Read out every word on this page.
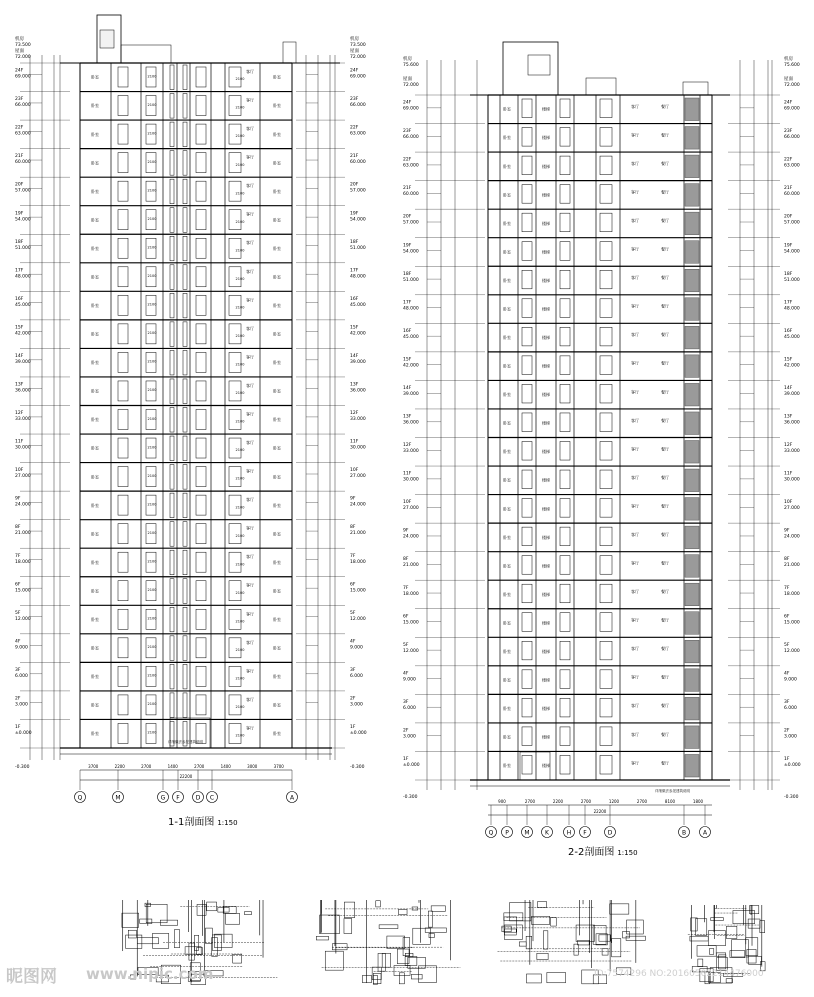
机房	机房
73.500	73.500
屋面	屋面
72.000	72.000
24F	24F
69.000	69.000
23F	23F
66.000	66.000
22F	22F
63.000	63.000
21F	21F
60.000	60.000
20F	20F
57.000	57.000
19F	19F
54.000	54.000
18F	18F
51.000	51.000
17F	17F
48.000	48.000
16F	16F
45.000	45.000
15F	15F
42.000	42.000
14F	14F
39.000	39.000
13F	13F
36.000	36.000
12F	12F
33.000	33.000
11F	11F
30.000	30.000
10F	10F
27.000	27.000
9F	9F
24.000	24.000
8F	8F
21.000	21.000
7F	7F
18.000	18.000
6F	6F
15.000	15.000
5F	5F
12.000	12.000
4F	4F
9.000	9.000
3F	3F
6.000	6.000
2F	2F
3.000	3.000
1F	1F
±0.000	±0.000
-0.300	-0.300
卧室
客厅
卧室
2100
2100
卧室
客厅
卧室
2100
2100
卧室
客厅
卧室
2100
2100
卧室
客厅
卧室
2100
2100
卧室
客厅
卧室
2100
2100
卧室
客厅
卧室
2100
2100
卧室
客厅
卧室
2100
2100
卧室
客厅
卧室
2100
2100
卧室
客厅
卧室
2100
2100
卧室
客厅
卧室
2100
2100
卧室
客厅
卧室
2100
2100
卧室
客厅
卧室
2100
2100
卧室
客厅
卧室
2100
2100
卧室
客厅
卧室
2100
2100
卧室
客厅
卧室
2100
2100
卧室
客厅
卧室
2100
2100
卧室
客厅
卧室
2100
2100
卧室
客厅
卧室
2100
2100
卧室
客厅
卧室
2100
2100
卧室
客厅
卧室
2100
2100
卧室
客厅
卧室
2100
2100
卧室
客厅
卧室
2100
2100
卧室
客厅
卧室
2100
2100
卧室
客厅
卧室
2100
2100
详细做法参见建筑说明
3700	2200	2700	1400	2700	1400	3000	3700
22200
Q	M	G F	D C	A
机房	机房
75.600	75.600
屋面	屋面
72.000	72.000
24F	24F
69.000	69.000
23F	23F
66.000	66.000
22F	22F
63.000	63.000
21F	21F
60.000	60.000
20F	20F
57.000	57.000
19F	19F
54.000	54.000
18F	18F
51.000	51.000
17F	17F
48.000	48.000
16F	16F
45.000	45.000
15F	15F
42.000	42.000
14F	14F
39.000	39.000
13F	13F
36.000	36.000
12F	12F
33.000	33.000
11F	11F
30.000	30.000
10F	10F
27.000	27.000
9F	9F
24.000	24.000
8F	8F
21.000	21.000
7F	7F
18.000	18.000
6F	6F
15.000	15.000
5F	5F
12.000	12.000
4F	4F
9.000	9.000
3F	3F
6.000	6.000
2F	2F
3.000	3.000
1F	1F
±0.000	±0.000
-0.300	-0.300
卧室	楼梯
客厅	餐厅
卧室	楼梯
客厅	餐厅
卧室	楼梯
客厅	餐厅
卧室	楼梯
客厅	餐厅
卧室	楼梯
客厅	餐厅
卧室	楼梯
客厅	餐厅
卧室	楼梯
客厅	餐厅
卧室	楼梯
客厅	餐厅
卧室	楼梯
客厅	餐厅
卧室	楼梯
客厅	餐厅
卧室	楼梯
客厅	餐厅
卧室	楼梯
客厅	餐厅
卧室	楼梯
客厅	餐厅
卧室	楼梯
客厅	餐厅
卧室	楼梯
客厅	餐厅
卧室	楼梯
客厅	餐厅
卧室	楼梯
客厅	餐厅
卧室	楼梯
客厅	餐厅
卧室	楼梯
客厅	餐厅
卧室	楼梯
客厅	餐厅
卧室	楼梯
客厅	餐厅
卧室	楼梯
客厅	餐厅
卧室	楼梯
客厅	餐厅
卧室	楼梯
客厅	餐厅
详细做法参见建筑说明
900	2700	2200	2700	1200	2700	8100	1800
22200
Q P	M	K	H F	D	B	A
1-1剖面图 1:150
2-2剖面图 1:150
昵图网 www.nipic.com	ID:7574296 NO:20160502214476000
